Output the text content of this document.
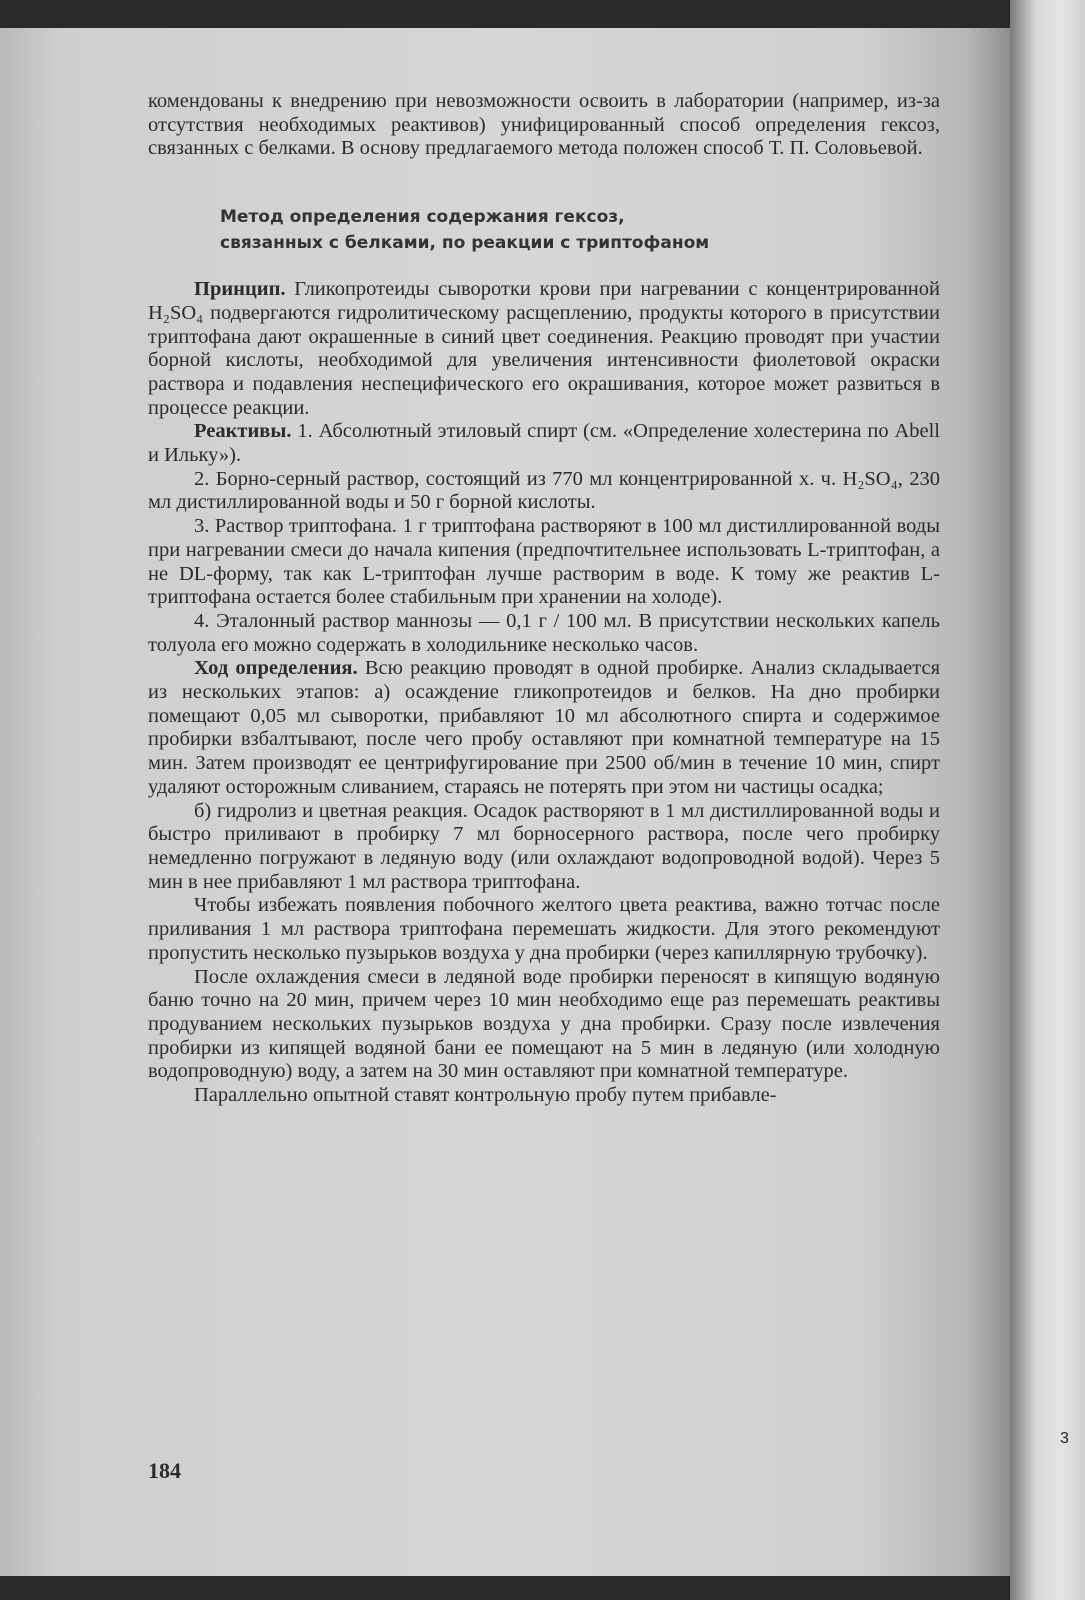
комендованы к внедрению при невозможности освоить в лаборатории (например, из-за отсутствия необходимых реактивов) унифицированный способ определения гексоз, связанных с белками. В основу предлагаемого метода положен способ Т. П. Соловьевой.

Метод определения содержания гексоз,
связанных с белками, по реакции с триптофаном

Принцип. Гликопротеиды сыворотки крови при нагревании с концентрированной H₂SO₄ подвергаются гидролитическому расщеплению, продукты которого в присутствии триптофана дают окрашенные в синий цвет соединения. Реакцию проводят при участии борной кислоты, необходимой для увеличения интенсивности фиолетовой окраски раствора и подавления неспецифического его окрашивания, которое может развиться в процессе реакции.

Реактивы. 1. Абсолютный этиловый спирт (см. «Определение холестерина по Abell и Ильку»).

2. Борно-серный раствор, состоящий из 770 мл концентрированной х. ч. H₂SO₄, 230 мл дистиллированной воды и 50 г борной кислоты.

3. Раствор триптофана. 1 г триптофана растворяют в 100 мл дистиллированной воды при нагревании смеси до начала кипения (предпочтительнее использовать L-триптофан, а не DL-форму, так как L-триптофан лучше растворим в воде. К тому же реактив L-триптофана остается более стабильным при хранении на холоде).

4. Эталонный раствор маннозы — 0,1 г / 100 мл. В присутствии нескольких капель толуола его можно содержать в холодильнике несколько часов.

Ход определения. Всю реакцию проводят в одной пробирке. Анализ складывается из нескольких этапов: а) осаждение гликопротеидов и белков. На дно пробирки помещают 0,05 мл сыворотки, прибавляют 10 мл абсолютного спирта и содержимое пробирки взбалтывают, после чего пробу оставляют при комнатной температуре на 15 мин. Затем производят ее центрифугирование при 2500 об/мин в течение 10 мин, спирт удаляют осторожным сливанием, стараясь не потерять при этом ни частицы осадка;

б) гидролиз и цветная реакция. Осадок растворяют в 1 мл дистиллированной воды и быстро приливают в пробирку 7 мл борносерного раствора, после чего пробирку немедленно погружают в ледяную воду (или охлаждают водопроводной водой). Через 5 мин в нее прибавляют 1 мл раствора триптофана.

Чтобы избежать появления побочного желтого цвета реактива, важно тотчас после приливания 1 мл раствора триптофана перемешать жидкости. Для этого рекомендуют пропустить несколько пузырьков воздуха у дна пробирки (через капиллярную трубочку).

После охлаждения смеси в ледяной воде пробирки переносят в кипящую водяную баню точно на 20 мин, причем через 10 мин необходимо еще раз перемешать реактивы продуванием нескольких пузырьков воздуха у дна пробирки. Сразу после извлечения пробирки из кипящей водяной бани ее помещают на 5 мин в ледяную (или холодную водопроводную) воду, а затем на 30 мин оставляют при комнатной температуре.

Параллельно опытной ставят контрольную пробу путем прибавле-

184
3
